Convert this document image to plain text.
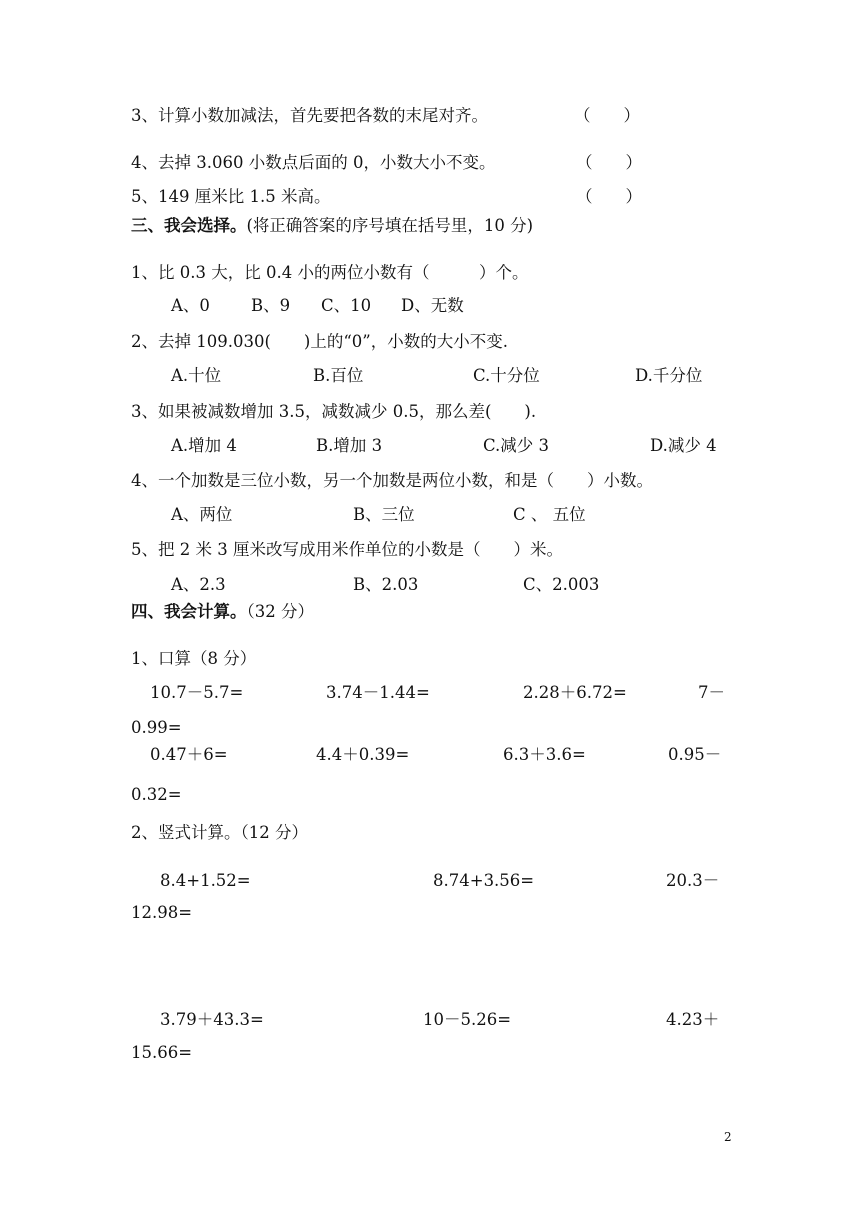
3、计算小数加减法，首先要把各数的末尾对齐。	（　　）
4、去掉 3.060 小数点后面的 0，小数大小不变。	（　　）
5、149 厘米比 1.5 米高。	（　　）
三、我会选择。(将正确答案的序号填在括号里，10 分)
1、比 0.3 大，比 0.4 小的两位小数有（　　　）个。
A、0 B、9 C、10 D、无数
2、去掉 109.030(　　)上的“0”，小数的大小不变.
A.十位	B.百位	C.十分位	D.千分位
3、如果被减数增加 3.5，减数减少 0.5，那么差(　　).
A.增加 4	B.增加 3	C.减少 3	D.减少 4
4、一个加数是三位小数，另一个加数是两位小数，和是（　　）小数。
A、两位	B、三位	C 、 五位
5、把 2 米 3 厘米改写成用米作单位的小数是（　　）米。
A、2.3	B、2.03	C、2.003
四、我会计算。（32 分）
1、口算（8 分）
10.7－5.7=	3.74－1.44=	2.28＋6.72=	7－
0.99=
0.47＋6=	4.4＋0.39=	6.3＋3.6=	0.95－
0.32=
2、竖式计算。（12 分）
8.4+1.52=	8.74+3.56=	20.3－
12.98=
3.79＋43.3=	10－5.26=	4.23＋
15.66=
2
